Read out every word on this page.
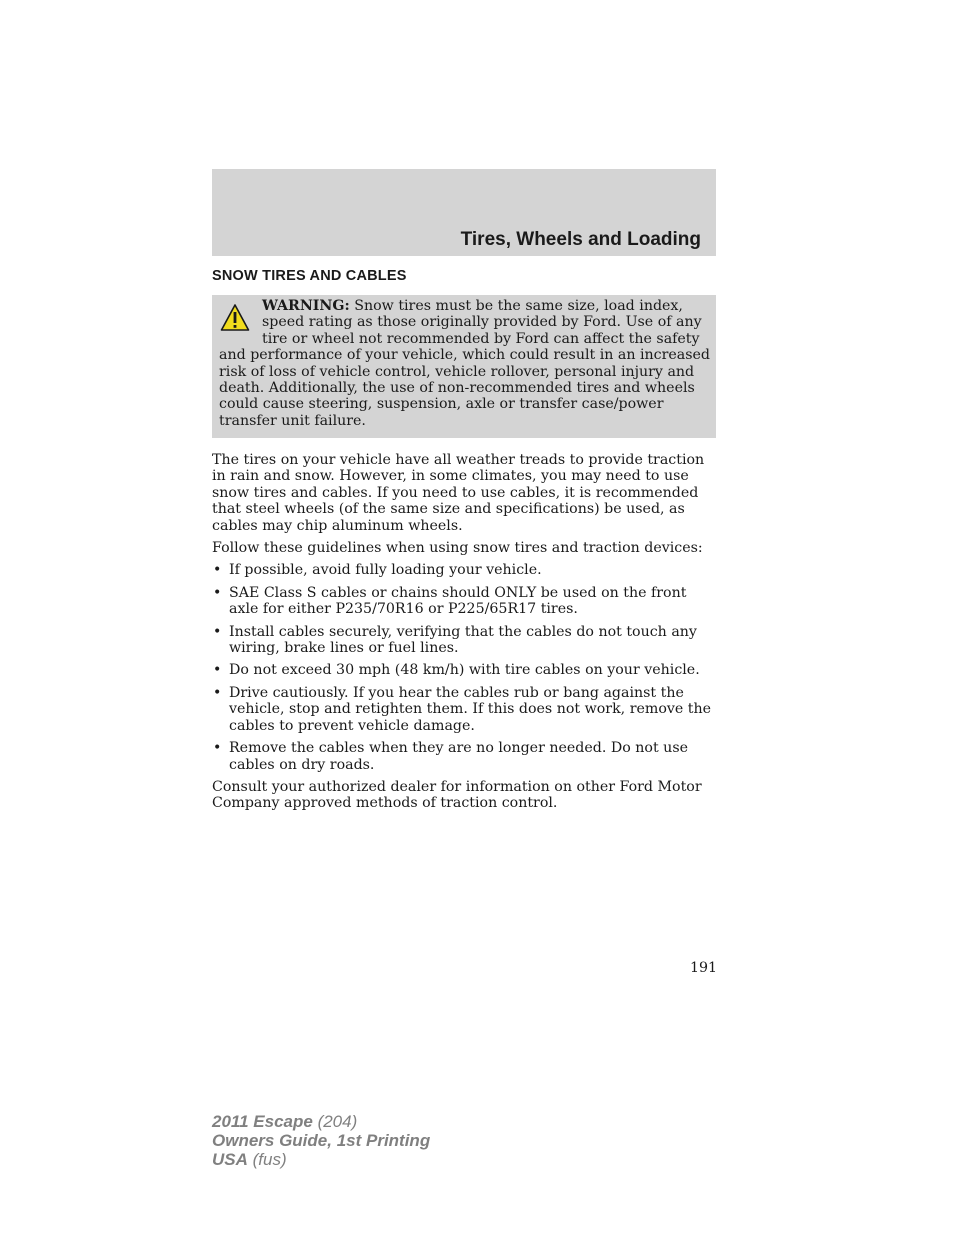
Tires, Wheels and Loading
SNOW TIRES AND CABLES
WARNING: Snow tires must be the same size, load index, speed rating as those originally provided by Ford. Use of any tire or wheel not recommended by Ford can affect the safety and performance of your vehicle, which could result in an increased risk of loss of vehicle control, vehicle rollover, personal injury and death. Additionally, the use of non-recommended tires and wheels could cause steering, suspension, axle or transfer case/power transfer unit failure.

The tires on your vehicle have all weather treads to provide traction in rain and snow. However, in some climates, you may need to use snow tires and cables. If you need to use cables, it is recommended that steel wheels (of the same size and specifications) be used, as cables may chip aluminum wheels.

Follow these guidelines when using snow tires and traction devices:

• If possible, avoid fully loading your vehicle.
• SAE Class S cables or chains should ONLY be used on the front axle for either P235/70R16 or P225/65R17 tires.
• Install cables securely, verifying that the cables do not touch any wiring, brake lines or fuel lines.
• Do not exceed 30 mph (48 km/h) with tire cables on your vehicle.
• Drive cautiously. If you hear the cables rub or bang against the vehicle, stop and retighten them. If this does not work, remove the cables to prevent vehicle damage.
• Remove the cables when they are no longer needed. Do not use cables on dry roads.

Consult your authorized dealer for information on other Ford Motor Company approved methods of traction control.

191
2011 Escape (204)
Owners Guide, 1st Printing
USA (fus)
